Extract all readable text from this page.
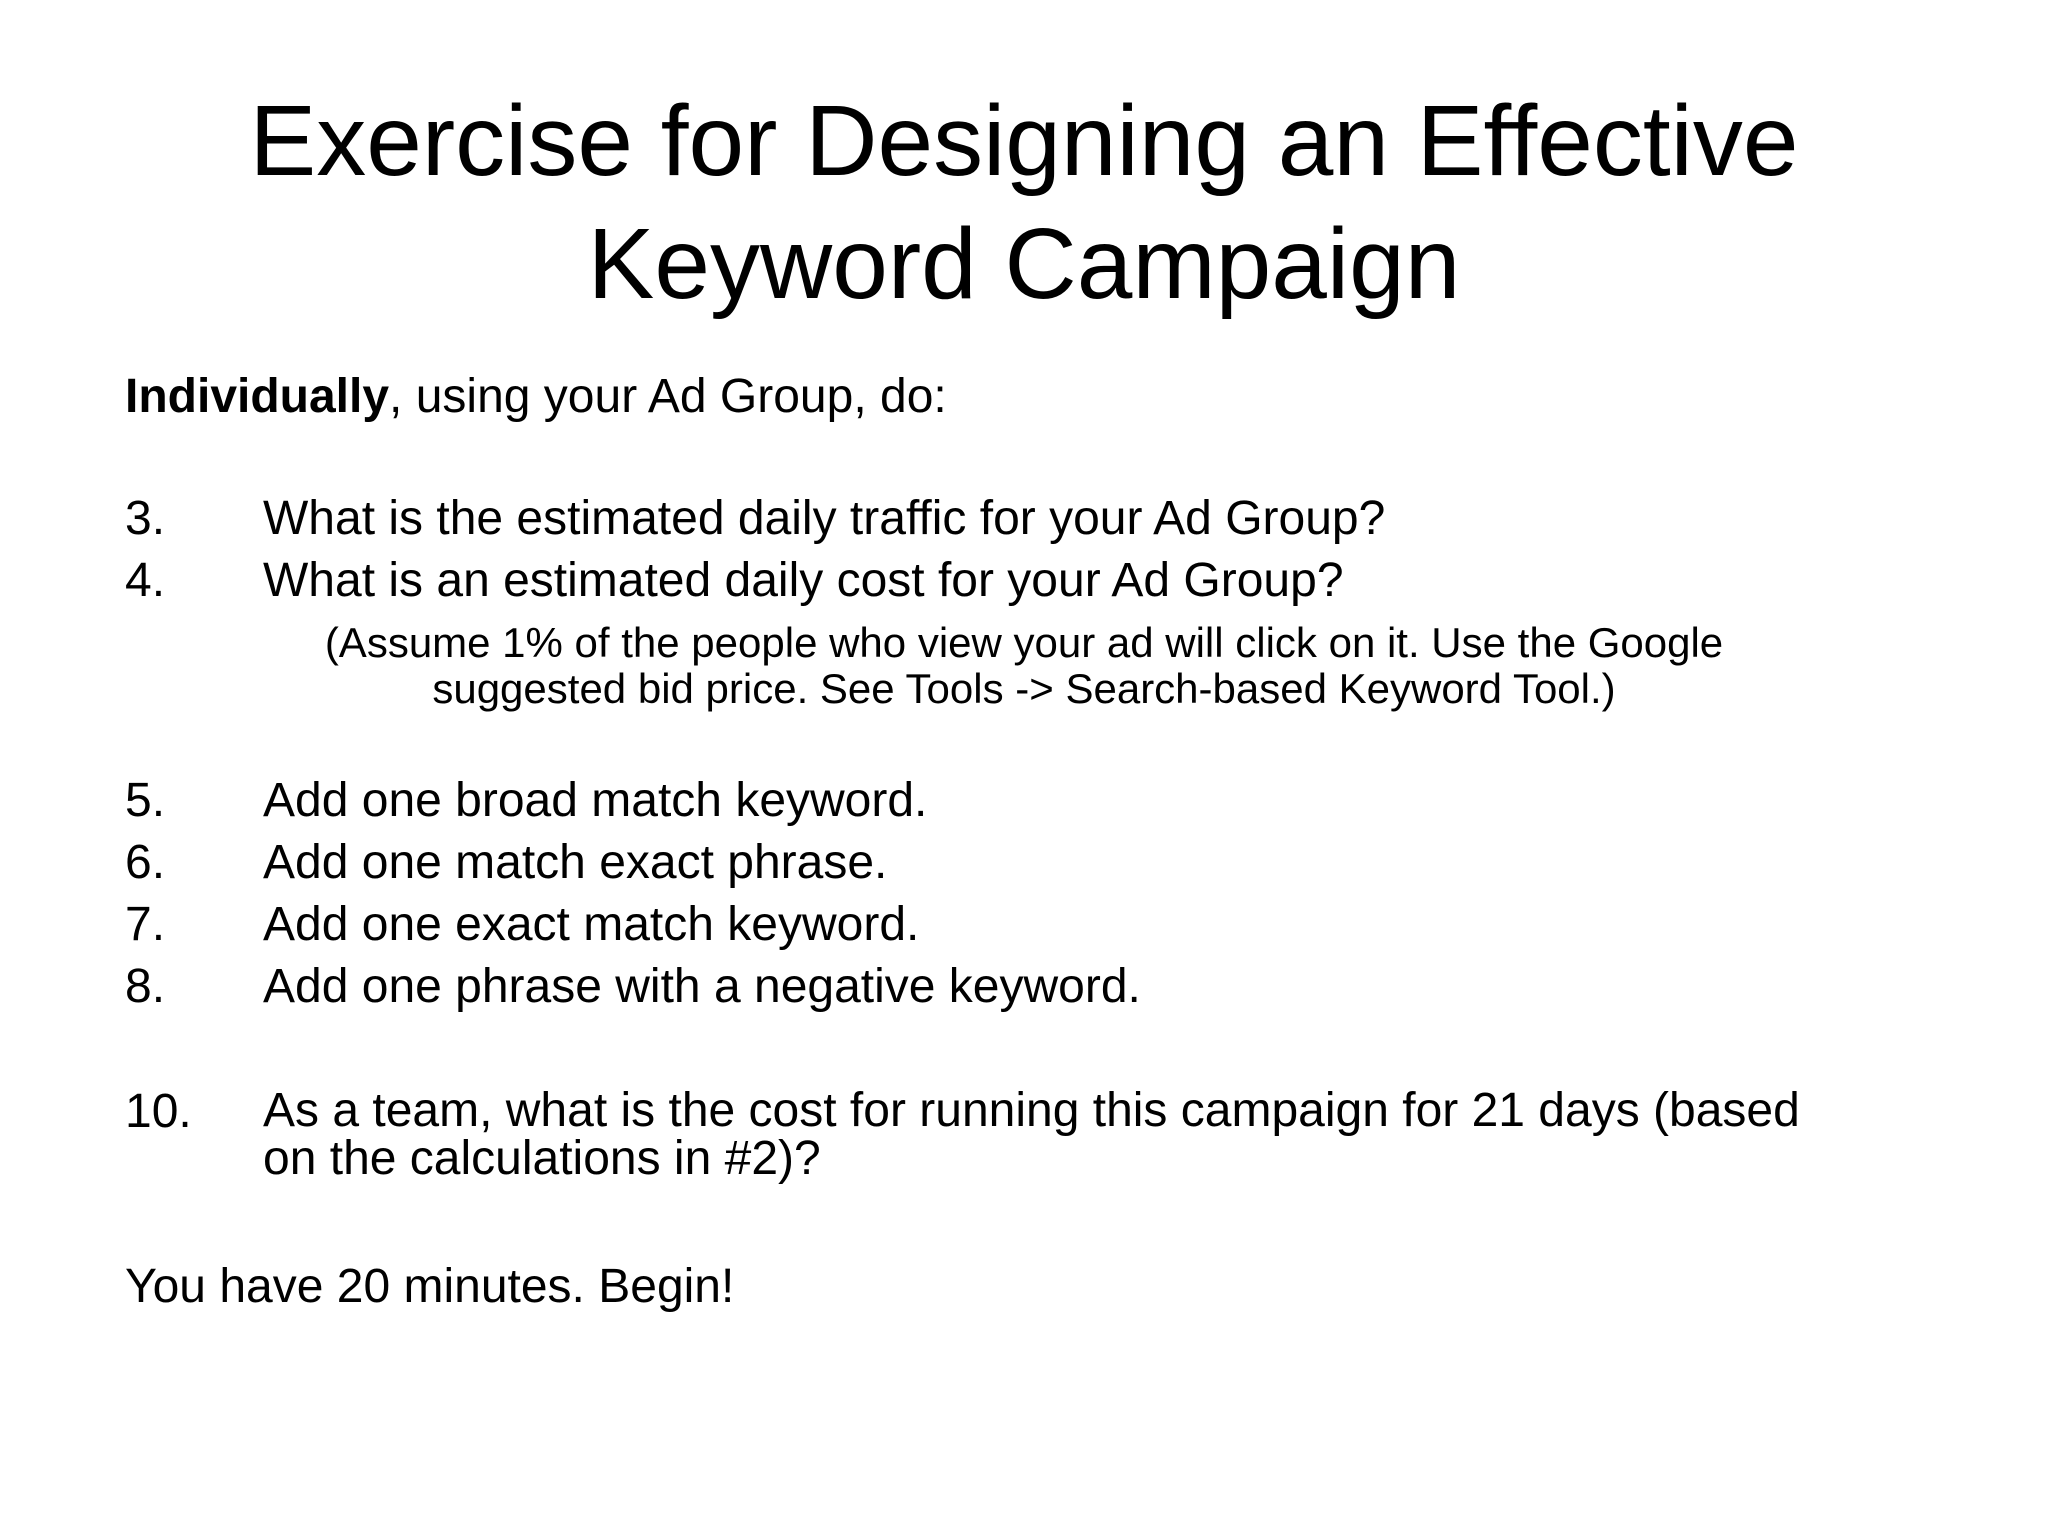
Exercise for Designing an Effective
Keyword Campaign
Individually, using your Ad Group, do:
3. What is the estimated daily traffic for your Ad Group?
4. What is an estimated daily cost for your Ad Group?
(Assume 1% of the people who view your ad will click on it. Use the Google
suggested bid price. See Tools -> Search-based Keyword Tool.)
5. Add one broad match keyword.
6. Add one match exact phrase.
7. Add one exact match keyword.
8. Add one phrase with a negative keyword.
10. As a team, what is the cost for running this campaign for 21 days (based
on the calculations in #2)?
You have 20 minutes. Begin!
